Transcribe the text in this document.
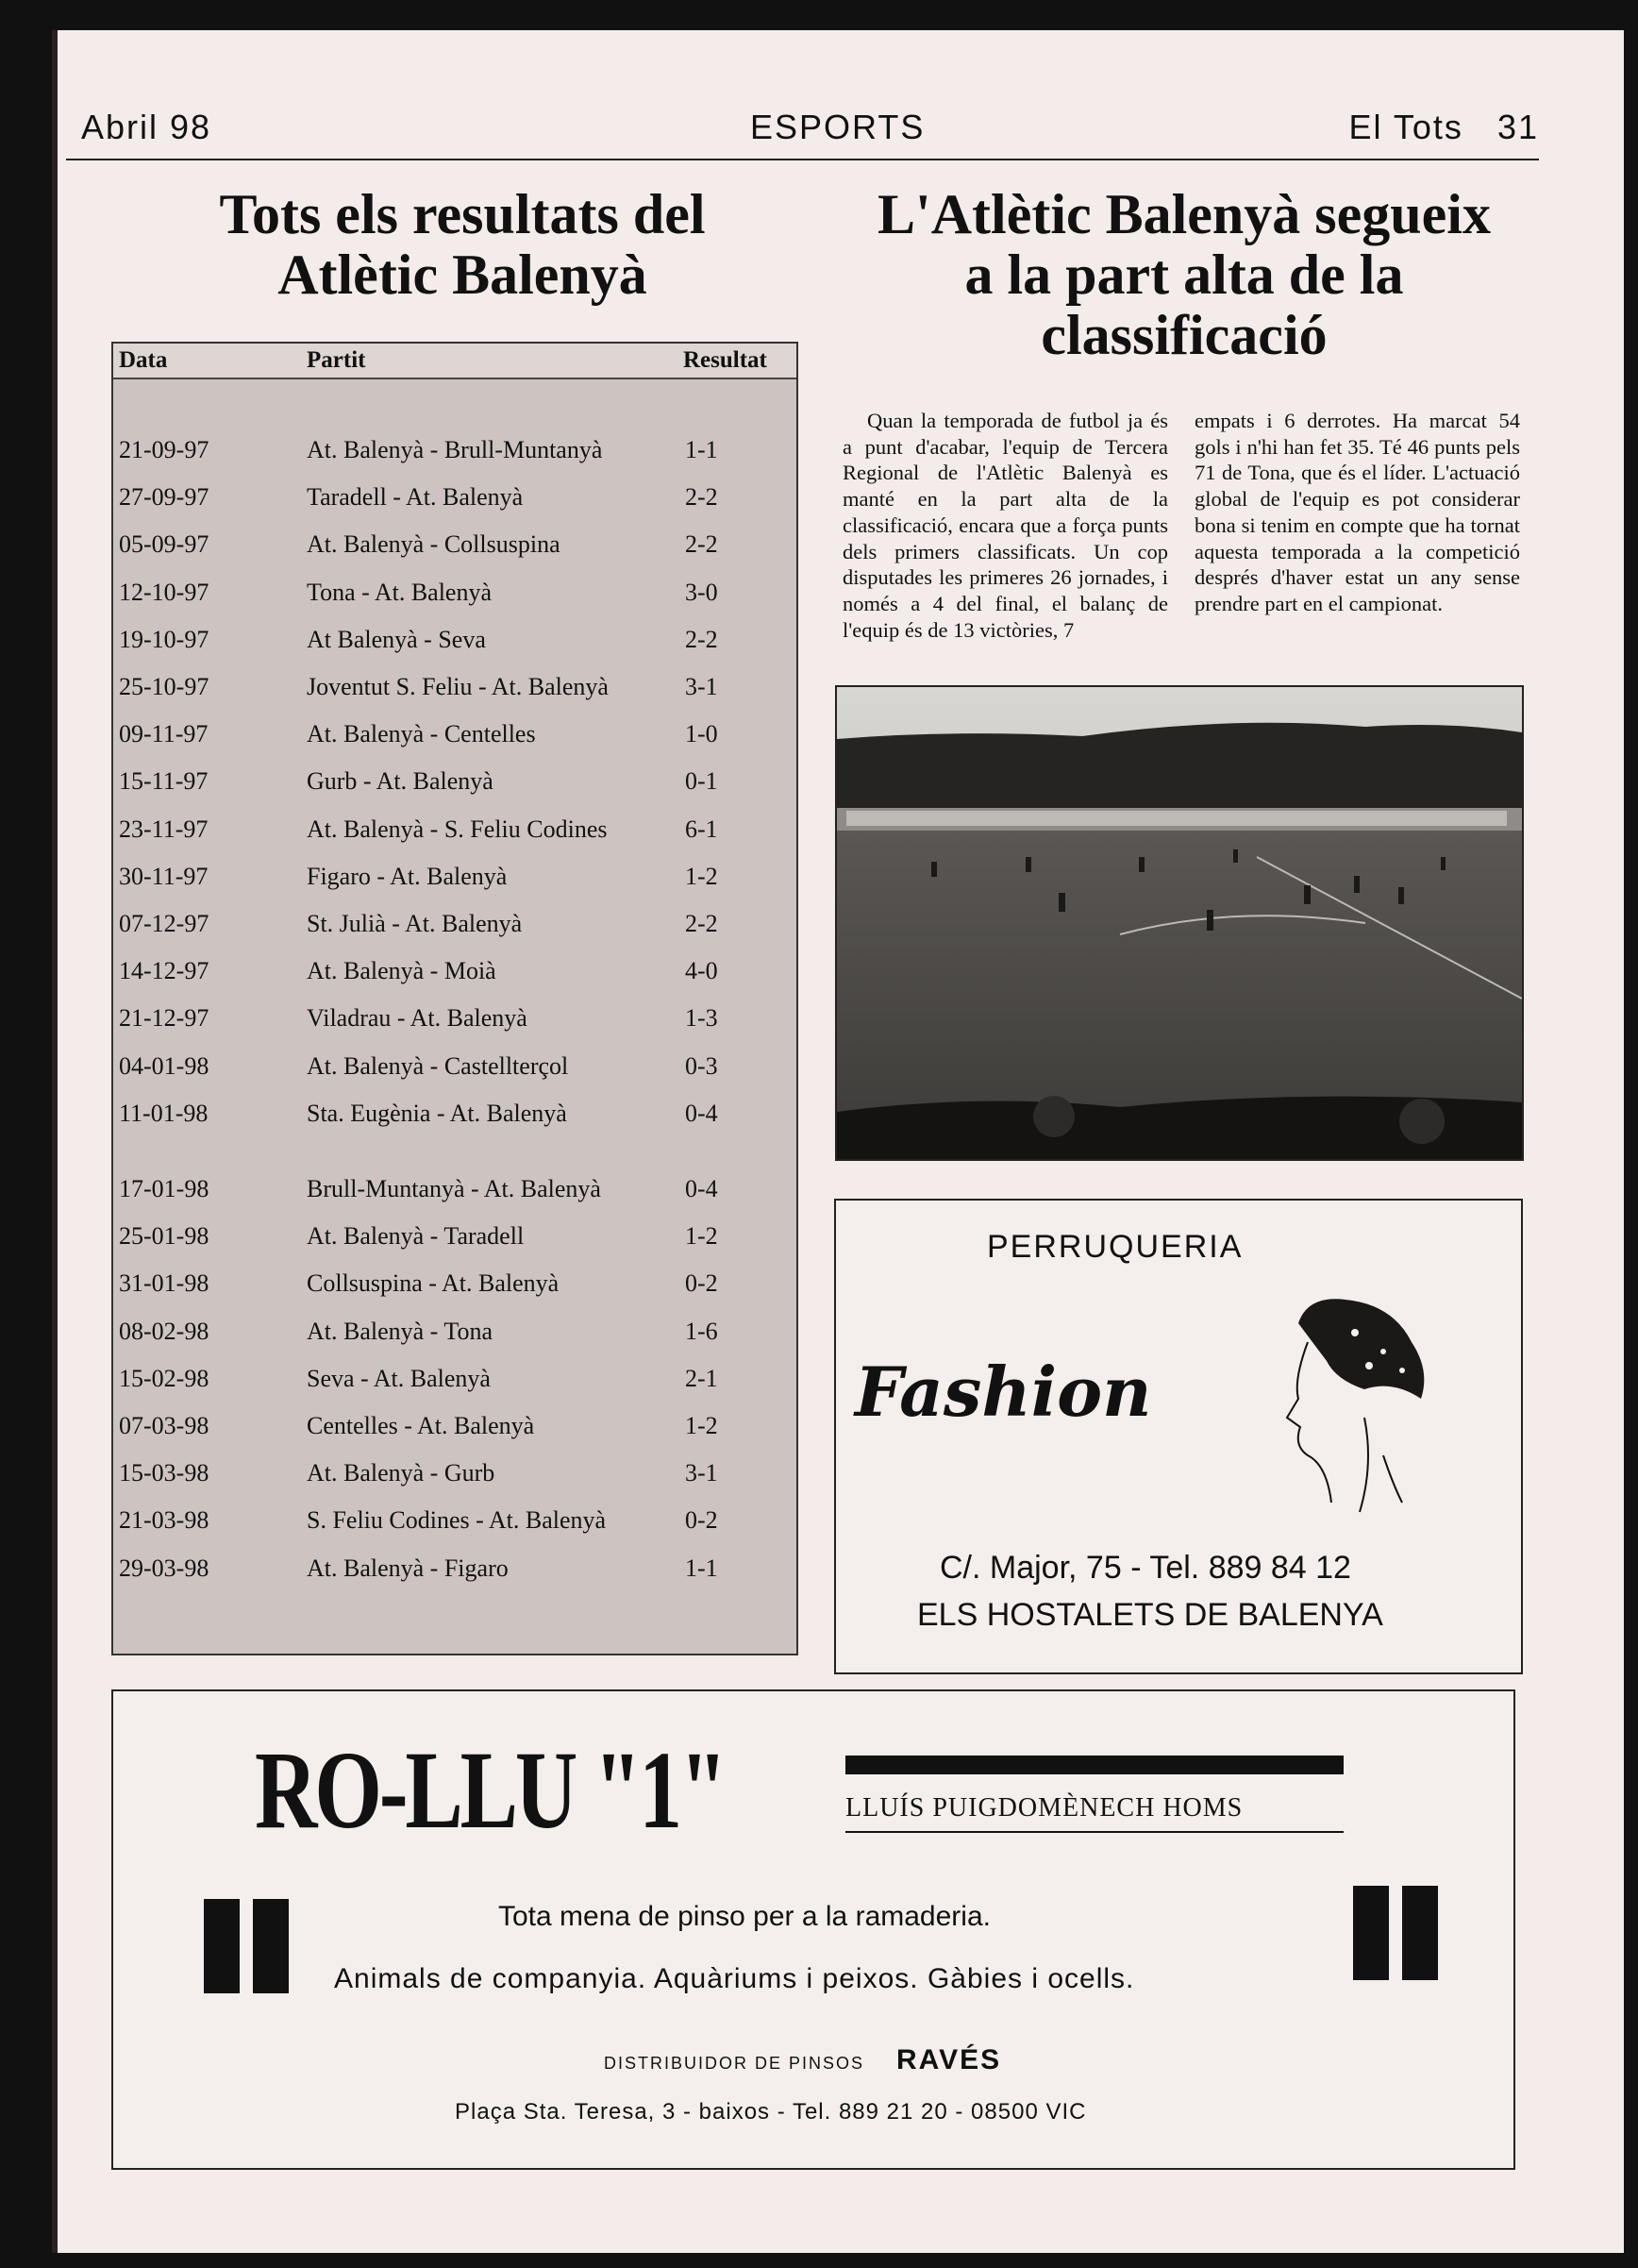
Abril 98	ESPORTS	El Tots 31
Tots els resultats del
Atlètic Balenyà
L'Atlètic Balenyà segueix
a la part alta de la
classificació
Data	Partit	Resultat
21-09-97	At. Balenyà - Brull-Muntanyà	1-1
27-09-97	Taradell - At. Balenyà	2-2
05-09-97	At. Balenyà - Collsuspina	2-2
12-10-97	Tona - At. Balenyà	3-0
19-10-97	At Balenyà - Seva	2-2
25-10-97	Joventut S. Feliu - At. Balenyà	3-1
09-11-97	At. Balenyà - Centelles	1-0
15-11-97	Gurb - At. Balenyà	0-1
23-11-97	At. Balenyà - S. Feliu Codines	6-1
30-11-97	Figaro - At. Balenyà	1-2
07-12-97	St. Julià - At. Balenyà	2-2
14-12-97	At. Balenyà - Moià	4-0
21-12-97	Viladrau - At. Balenyà	1-3
04-01-98	At. Balenyà - Castellterçol	0-3
11-01-98	Sta. Eugènia - At. Balenyà	0-4
17-01-98	Brull-Muntanyà - At. Balenyà	0-4
25-01-98	At. Balenyà - Taradell	1-2
31-01-98	Collsuspina - At. Balenyà	0-2
08-02-98	At. Balenyà - Tona	1-6
15-02-98	Seva - At. Balenyà	2-1
07-03-98	Centelles - At. Balenyà	1-2
15-03-98	At. Balenyà - Gurb	3-1
21-03-98	S. Feliu Codines - At. Balenyà	0-2
29-03-98	At. Balenyà - Figaro	1-1
Quan la temporada de futbol ja és a punt d'acabar, l'equip de Tercera Regional de l'Atlètic Balenyà es manté en la part alta de la classificació, encara que a força punts dels primers classificats. Un cop disputades les primeres 26 jornades, i només a 4 del final, el balanç de l'equip és de 13 victòries, 7
empats i 6 derrotes. Ha marcat 54 gols i n'hi han fet 35. Té 46 punts pels 71 de Tona, que és el líder. L'actuació global de l'equip es pot considerar bona si tenim en compte que ha tornat aquesta temporada a la competició després d'haver estat un any sense prendre part en el campionat.
PERRUQUERIA
Fashion
C/. Major, 75 - Tel. 889 84 12
ELS HOSTALETS DE BALENYA
RO-LLU "1"	LLUÍS PUIGDOMÈNECH HOMS
Tota mena de pinso per a la ramaderia.
Animals de companyia. Aquàriums i peixos. Gàbies i ocells.
DISTRIBUIDOR DE PINSOS RAVÉS
Plaça Sta. Teresa, 3 - baixos - Tel. 889 21 20 - 08500 VIC
